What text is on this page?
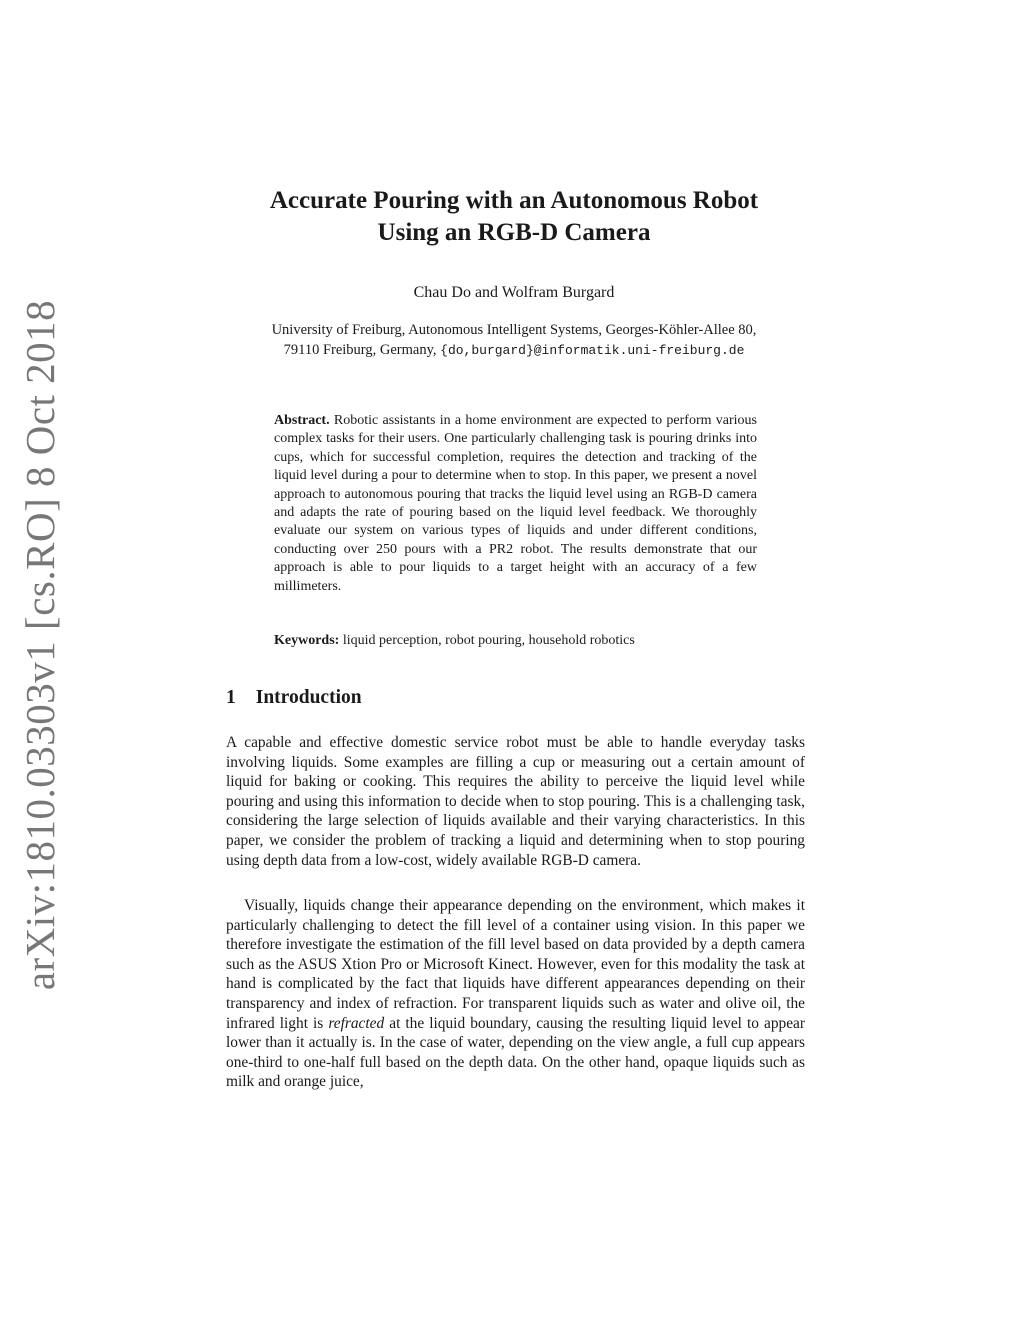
arXiv:1810.03303v1 [cs.RO] 8 Oct 2018
Accurate Pouring with an Autonomous Robot
Using an RGB-D Camera
Chau Do and Wolfram Burgard
University of Freiburg, Autonomous Intelligent Systems, Georges-Köhler-Allee 80,
79110 Freiburg, Germany, {do,burgard}@informatik.uni-freiburg.de
Abstract. Robotic assistants in a home environment are expected to perform various complex tasks for their users. One particularly challenging task is pouring drinks into cups, which for successful completion, requires the detection and tracking of the liquid level during a pour to determine when to stop. In this paper, we present a novel approach to autonomous pouring that tracks the liquid level using an RGB-D camera and adapts the rate of pouring based on the liquid level feedback. We thoroughly evaluate our system on various types of liquids and under different conditions, conducting over 250 pours with a PR2 robot. The results demonstrate that our approach is able to pour liquids to a target height with an accuracy of a few millimeters.
Keywords: liquid perception, robot pouring, household robotics
1 Introduction

A capable and effective domestic service robot must be able to handle everyday tasks involving liquids. Some examples are filling a cup or measuring out a certain amount of liquid for baking or cooking. This requires the ability to perceive the liquid level while pouring and using this information to decide when to stop pouring. This is a challenging task, considering the large selection of liquids available and their varying characteristics. In this paper, we consider the problem of tracking a liquid and determining when to stop pouring using depth data from a low-cost, widely available RGB-D camera.

Visually, liquids change their appearance depending on the environment, which makes it particularly challenging to detect the fill level of a container using vision. In this paper we therefore investigate the estimation of the fill level based on data provided by a depth camera such as the ASUS Xtion Pro or Microsoft Kinect. However, even for this modality the task at hand is complicated by the fact that liquids have different appearances depending on their transparency and index of refraction. For transparent liquids such as water and olive oil, the infrared light is refracted at the liquid boundary, causing the resulting liquid level to appear lower than it actually is. In the case of water, depending on the view angle, a full cup appears one-third to one-half full based on the depth data. On the other hand, opaque liquids such as milk and orange juice,
